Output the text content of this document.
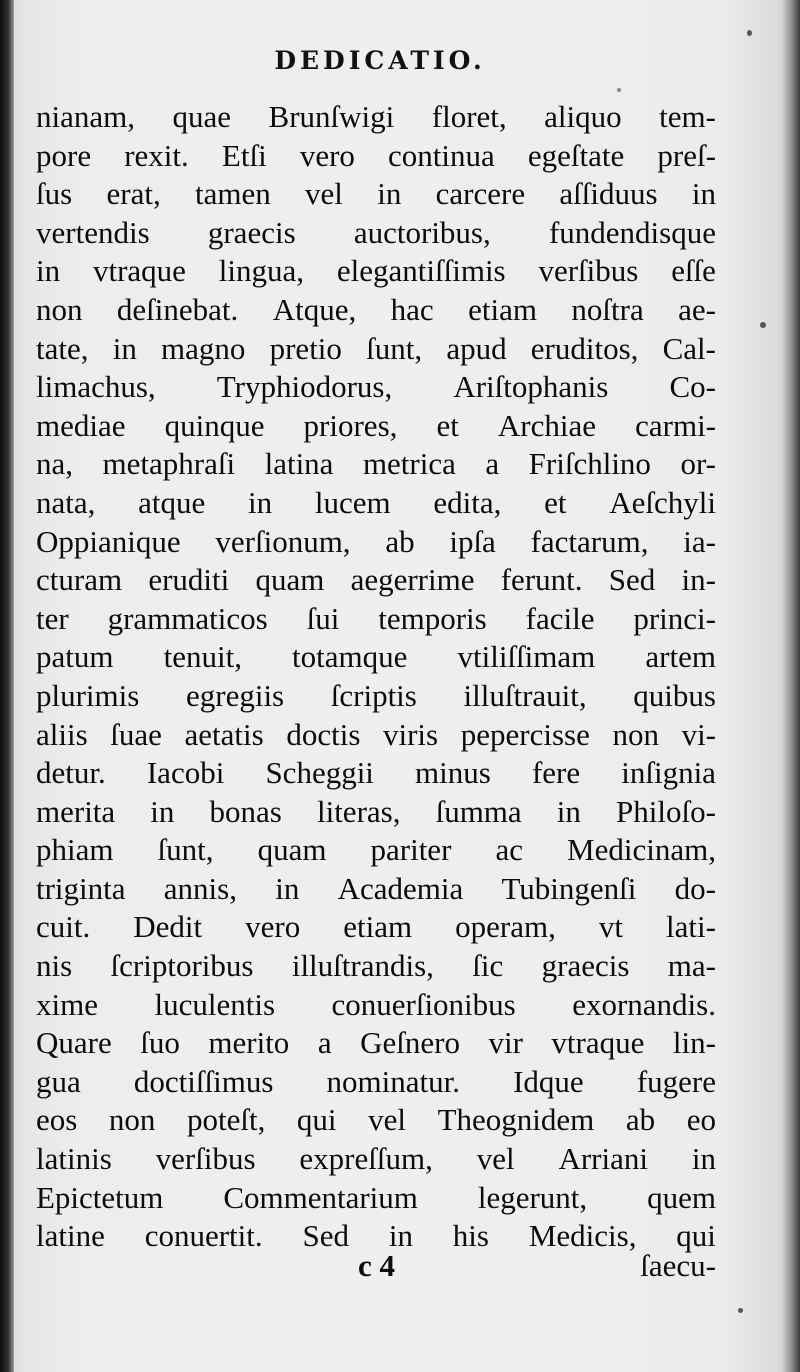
DEDICATIO.
nianam, quae Brunſwigi floret, aliquo tem-
pore rexit. Etſi vero continua egeſtate preſ-
ſus erat, tamen vel in carcere aſſiduus in
vertendis graecis auctoribus, fundendisque
in vtraque lingua, elegantiſſimis verſibus eſſe
non deſinebat. Atque, hac etiam noſtra ae-
tate, in magno pretio ſunt, apud eruditos, Cal-
limachus, Tryphiodorus, Ariſtophanis Co-
mediae quinque priores, et Archiae carmi-
na, metaphraſi latina metrica a Friſchlino or-
nata, atque in lucem edita, et Aeſchyli
Oppianique verſionum, ab ipſa factarum, ia-
cturam eruditi quam aegerrime ferunt. Sed in-
ter grammaticos ſui temporis facile princi-
patum tenuit, totamque vtiliſſimam artem
plurimis egregiis ſcriptis illuſtrauit, quibus
aliis ſuae aetatis doctis viris pepercisse non vi-
detur. Iacobi Scheggii minus fere inſignia
merita in bonas literas, ſumma in Philoſo-
phiam ſunt, quam pariter ac Medicinam,
triginta annis, in Academia Tubingenſi do-
cuit. Dedit vero etiam operam, vt lati-
nis ſcriptoribus illuſtrandis, ſic graecis ma-
xime luculentis conuerſionibus exornandis.
Quare ſuo merito a Geſnero vir vtraque lin-
gua doctiſſimus nominatur. Idque fugere
eos non poteſt, qui vel Theognidem ab eo
latinis verſibus expreſſum, vel Arriani in
Epictetum Commentarium legerunt, quem
latine conuertit. Sed in his Medicis, qui
c 4	ſaecu-
